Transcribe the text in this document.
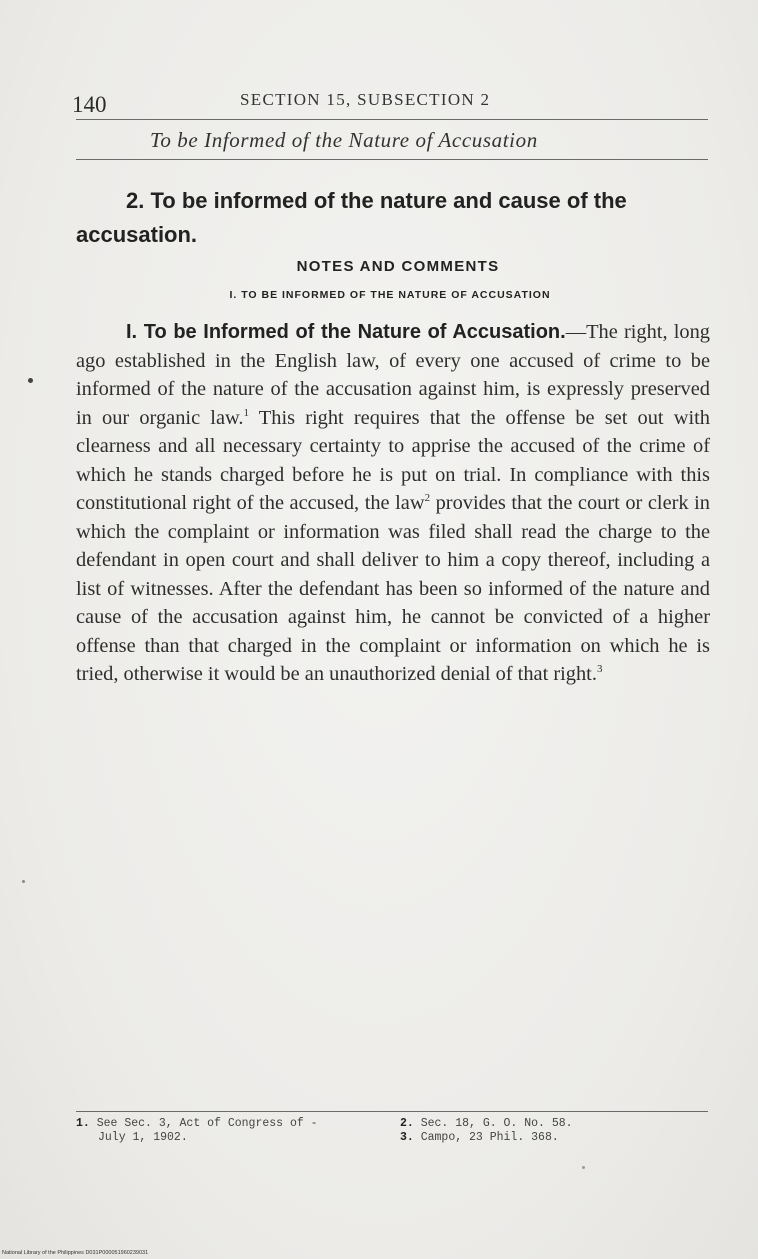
140	SECTION 15, SUBSECTION 2
To be Informed of the Nature of Accusation

2. To be informed of the nature and cause of the accusation.

NOTES AND COMMENTS
I. TO BE INFORMED OF THE NATURE OF ACCUSATION

I. To be Informed of the Nature of Accusation.—The right, long ago established in the English law, of every one accused of crime to be informed of the nature of the accusation against him, is expressly preserved in our organic law.$^1$ This right requires that the offense be set out with clearness and all necessary certainty to apprise the accused of the crime of which he stands charged before he is put on trial. In compliance with this constitutional right of the accused, the law$^2$ provides that the court or clerk in which the complaint or information was filed shall read the charge to the defendant in open court and shall deliver to him a copy thereof, including a list of witnesses. After the defendant has been so informed of the nature and cause of the accusation against him, he cannot be convicted of a higher offense than that charged in the complaint or information on which he is tried, otherwise it would be an unauthorized denial of that right.$^3$

1. See Sec. 3, Act of Congress of -
July 1, 1902.
2. Sec. 18, G. O. No. 58.
3. Campo, 23 Phil. 368.
National Library of the Philippines D031P000051960239031
